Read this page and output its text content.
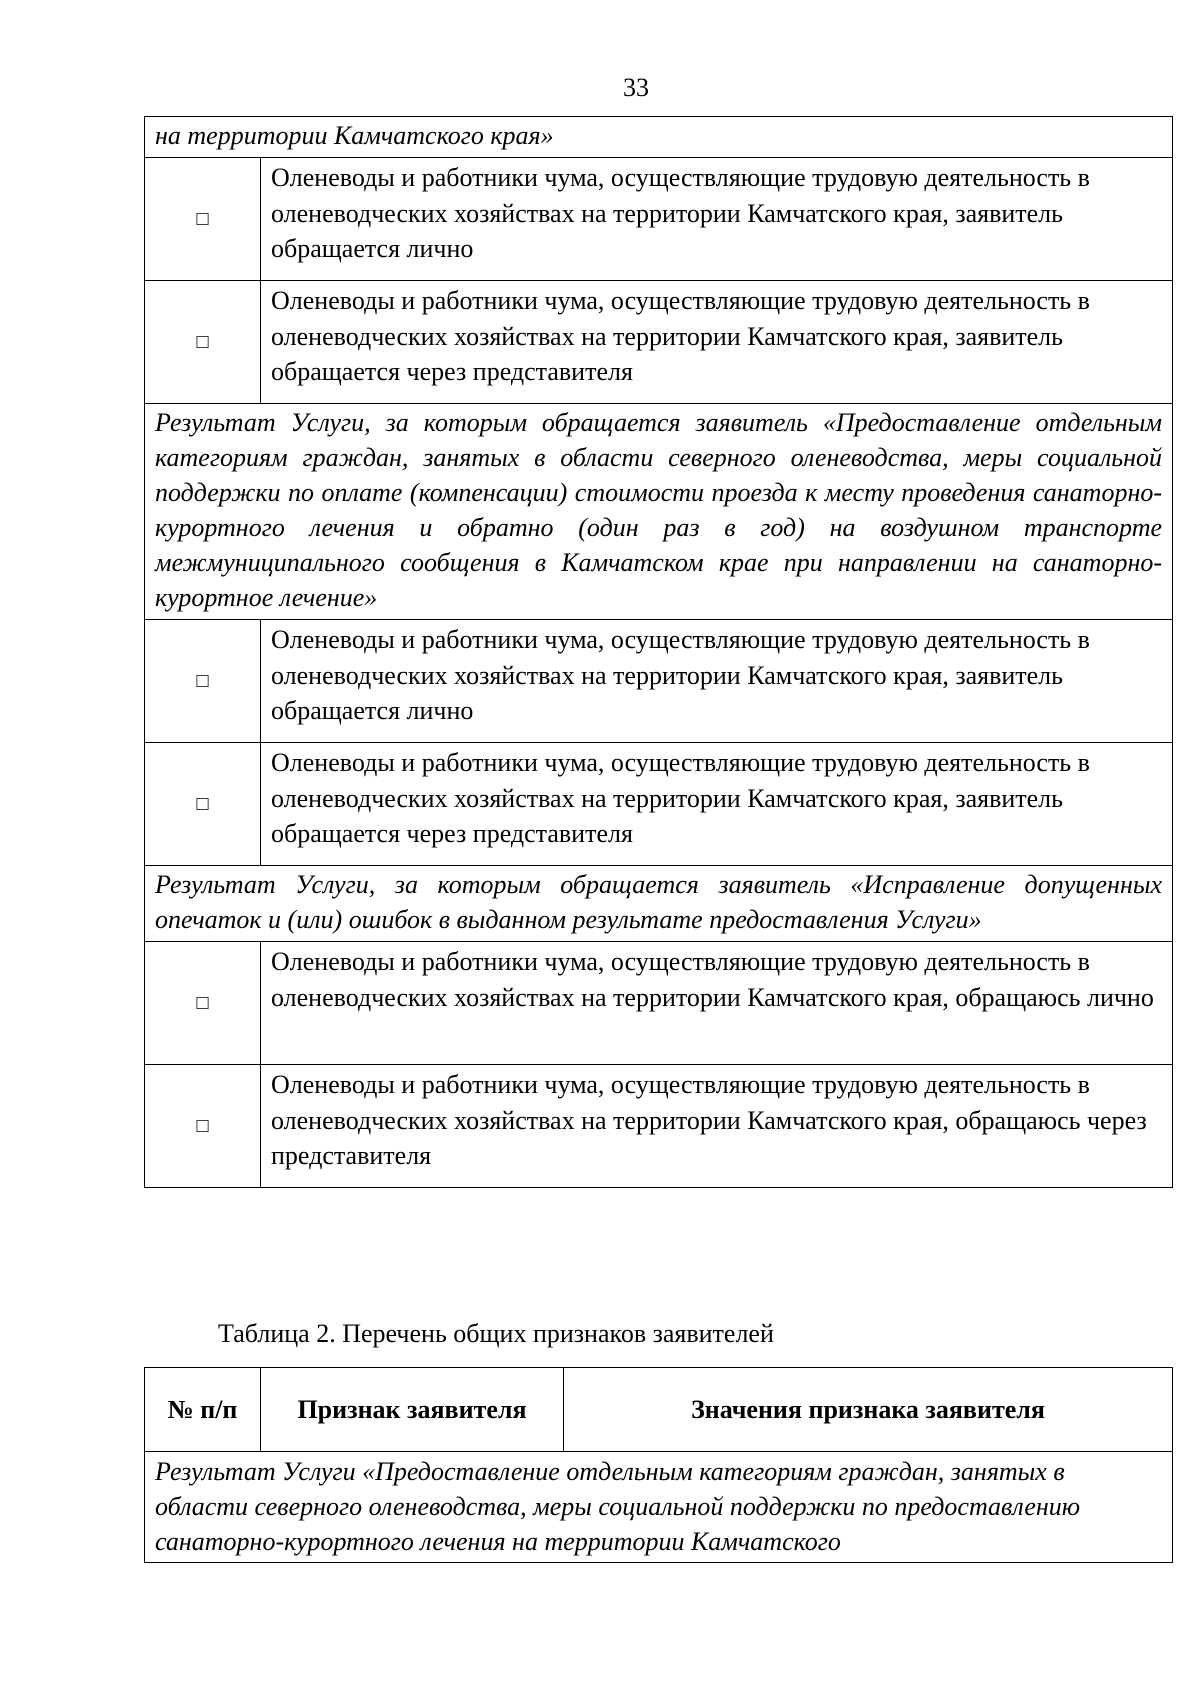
33
на территории Камчатского края»	
□	Оленеводы и работники чума, осуществляющие трудовую деятельность в оленеводческих хозяйствах на территории Камчатского края, заявитель обращается лично
□	Оленеводы и работники чума, осуществляющие трудовую деятельность в оленеводческих хозяйствах на территории Камчатского края, заявитель обращается через представителя
Результат Услуги, за которым обращается заявитель «Предоставление отдельным категориям граждан, занятых в области северного оленеводства, меры социальной поддержки по оплате (компенсации) стоимости проезда к месту проведения санаторно-курортного лечения и обратно (один раз в год) на воздушном транспорте межмуниципального сообщения в Камчатском крае при направлении на санаторно-курортное лечение»	
□	Оленеводы и работники чума, осуществляющие трудовую деятельность в оленеводческих хозяйствах на территории Камчатского края, заявитель обращается лично
□	Оленеводы и работники чума, осуществляющие трудовую деятельность в оленеводческих хозяйствах на территории Камчатского края, заявитель обращается через представителя
Результат Услуги, за которым обращается заявитель «Исправление допущенных опечаток и (или) ошибок в выданном результате предоставления Услуги»	
□	Оленеводы и работники чума, осуществляющие трудовую деятельность в оленеводческих хозяйствах на территории Камчатского края, обращаюсь лично
□	Оленеводы и работники чума, осуществляющие трудовую деятельность в оленеводческих хозяйствах на территории Камчатского края, обращаюсь через представителя
Таблица 2. Перечень общих признаков заявителей
№ п/п	Признак заявителя	Значения признака заявителя
Результат Услуги «Предоставление отдельным категориям граждан, занятых в области северного оленеводства, меры социальной поддержки по предоставлению санаторно-курортного лечения на территории Камчатского
